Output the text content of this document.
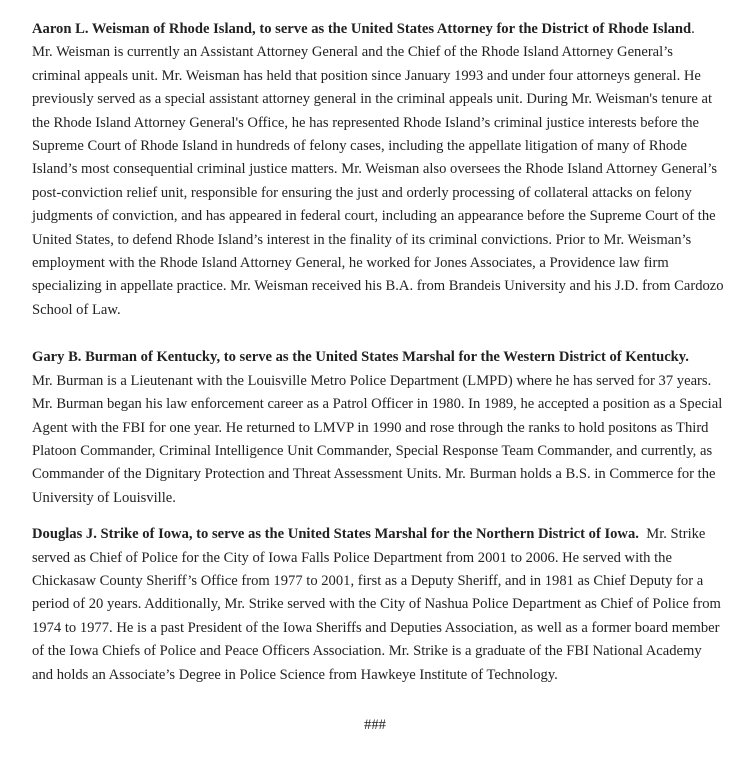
Aaron L. Weisman of Rhode Island, to serve as the United States Attorney for the District of Rhode Island.
Mr. Weisman is currently an Assistant Attorney General and the Chief of the Rhode Island Attorney General’s criminal appeals unit. Mr. Weisman has held that position since January 1993 and under four attorneys general. He previously served as a special assistant attorney general in the criminal appeals unit. During Mr. Weisman's tenure at the Rhode Island Attorney General's Office, he has represented Rhode Island’s criminal justice interests before the Supreme Court of Rhode Island in hundreds of felony cases, including the appellate litigation of many of Rhode Island’s most consequential criminal justice matters. Mr. Weisman also oversees the Rhode Island Attorney General’s post-conviction relief unit, responsible for ensuring the just and orderly processing of collateral attacks on felony judgments of conviction, and has appeared in federal court, including an appearance before the Supreme Court of the United States, to defend Rhode Island’s interest in the finality of its criminal convictions. Prior to Mr. Weisman’s employment with the Rhode Island Attorney General, he worked for Jones Associates, a Providence law firm specializing in appellate practice. Mr. Weisman received his B.A. from Brandeis University and his J.D. from Cardozo School of Law.

Gary B. Burman of Kentucky, to serve as the United States Marshal for the Western District of Kentucky.
Mr. Burman is a Lieutenant with the Louisville Metro Police Department (LMPD) where he has served for 37 years. Mr. Burman began his law enforcement career as a Patrol Officer in 1980. In 1989, he accepted a position as a Special Agent with the FBI for one year. He returned to LMVP in 1990 and rose through the ranks to hold positons as Third Platoon Commander, Criminal Intelligence Unit Commander, Special Response Team Commander, and currently, as Commander of the Dignitary Protection and Threat Assessment Units. Mr. Burman holds a B.S. in Commerce for the University of Louisville.

Douglas J. Strike of Iowa, to serve as the United States Marshal for the Northern District of Iowa. Mr. Strike served as Chief of Police for the City of Iowa Falls Police Department from 2001 to 2006. He served with the Chickasaw County Sheriff’s Office from 1977 to 2001, first as a Deputy Sheriff, and in 1981 as Chief Deputy for a period of 20 years. Additionally, Mr. Strike served with the City of Nashua Police Department as Chief of Police from 1974 to 1977. He is a past President of the Iowa Sheriffs and Deputies Association, as well as a former board member of the Iowa Chiefs of Police and Peace Officers Association. Mr. Strike is a graduate of the FBI National Academy and holds an Associate’s Degree in Police Science from Hawkeye Institute of Technology.

###
